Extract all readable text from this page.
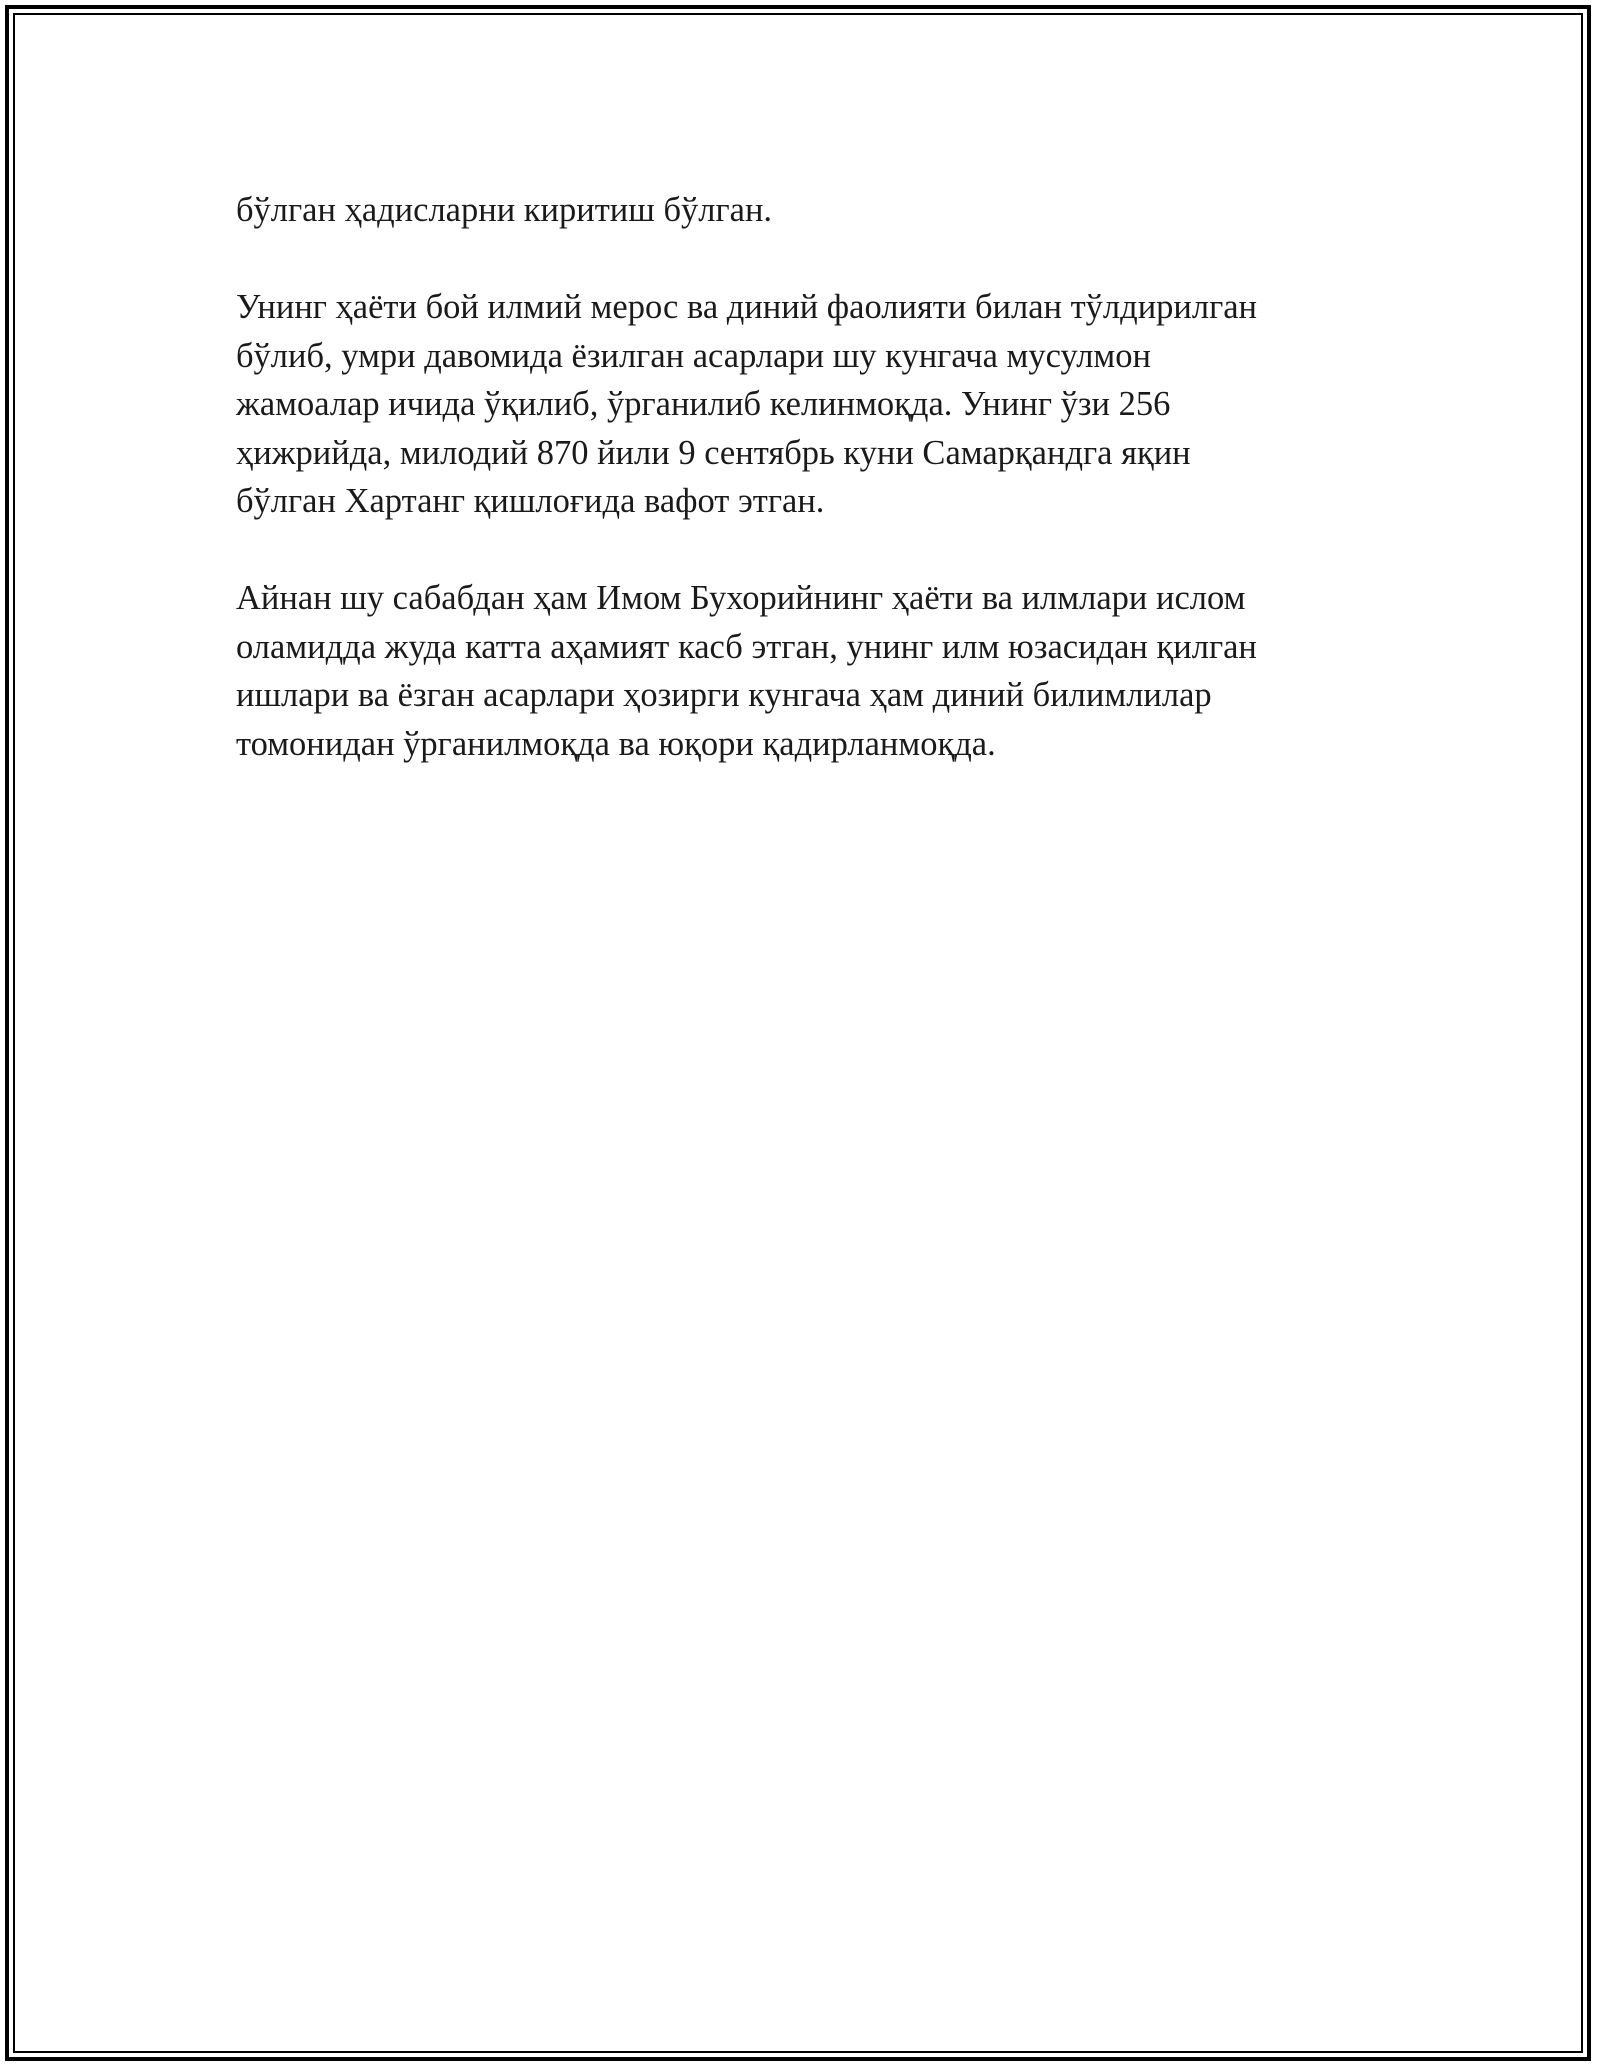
бўлган ҳадисларни киритиш бўлган.

Унинг ҳаёти бой илмий мерос ва диний фаолияти билан тўлдирилган
бўлиб, умри давомида ёзилган асарлари шу кунгача мусулмон
жамоалар ичида ўқилиб, ўрганилиб келинмоқда. Унинг ўзи 256
ҳижрийда, милодий 870 йили 9 сентябрь куни Самарқандга яқин
бўлган Хартанг қишлоғида вафот этган.

Айнан шу сабабдан ҳам Имом Бухорийнинг ҳаёти ва илмлари ислом
оламидда жуда катта аҳамият касб этган, унинг илм юзасидан қилган
ишлари ва ёзган асарлари ҳозирги кунгача ҳам диний билимлилар
томонидан ўрганилмоқда ва юқори қадирланмоқда.
